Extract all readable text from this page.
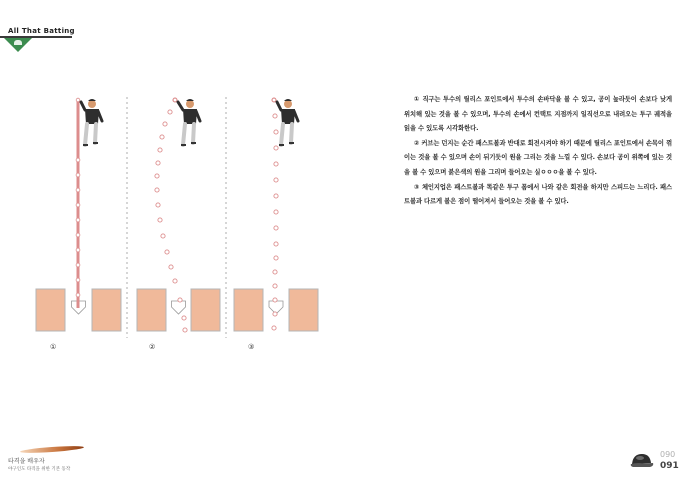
All That Batting
①	②	③

① 직구는 투수의 릴리스 포인트에서 투수의 손바닥을 볼 수 있고, 공이 높라듯이 손보다 낮게 위치해 있는 것을 볼 수 있으며, 투수의 손에서 컨택트 지점까지 일직선으로 내려오는 투구 궤적을 읽을 수 있도록 시각화한다.

② 커브는 던지는 순간 패스트볼과 반대로 회전시켜야 하기 때문에 릴리스 포인트에서 손목이 꺾이는 것을 볼 수 있으며 손이 뒤기듯이 원을 그리는 것을 느낄 수 있다. 손보다 공이 위쪽에 있는 것을 볼 수 있으며 붉은색의 원을 그리며 들어오는 실ㅇㅇㅇ을 볼 수 있다.

③ 체인지업은 패스트볼과 똑같은 투구 폼에서 나와 같은 회전을 하지만 스피드는 느리다. 패스트볼과 다르게 볼은 점이 떨어져서 들어오는 것을 볼 수 있다.

타격을 배우자
야구인도 타격을 위한 기본 동작
090
091
